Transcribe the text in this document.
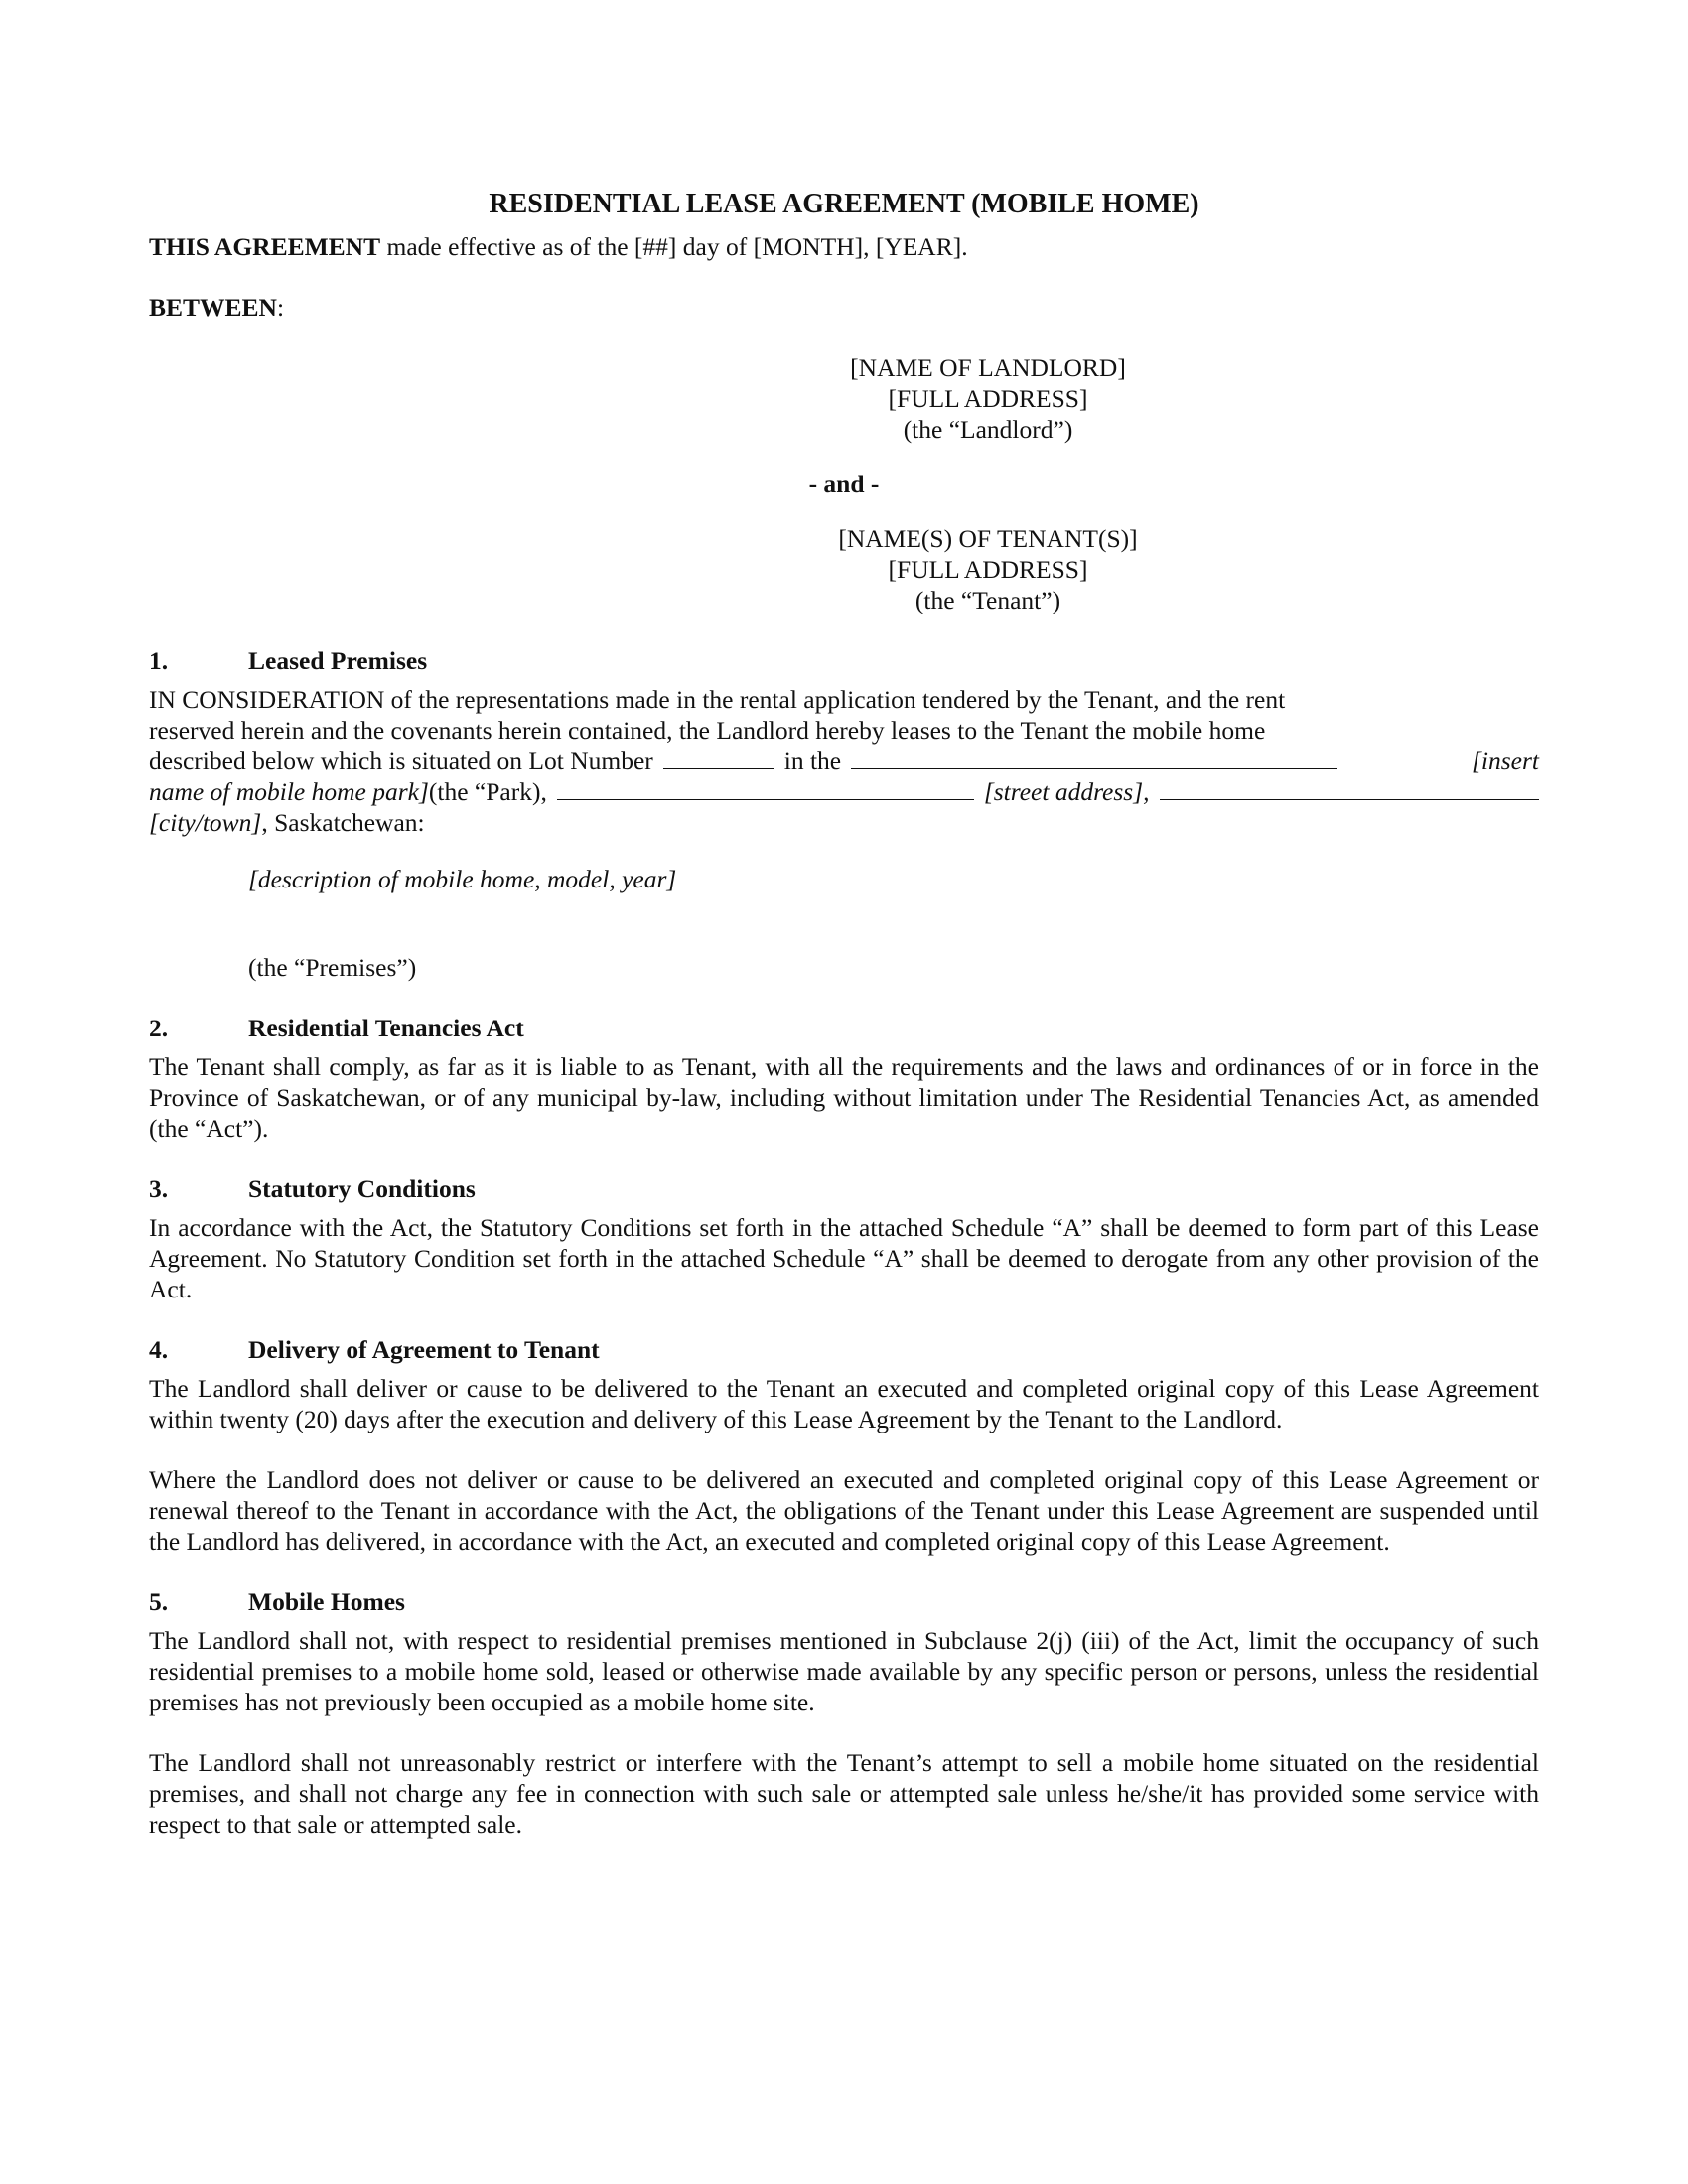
RESIDENTIAL LEASE AGREEMENT (MOBILE HOME)

THIS AGREEMENT made effective as of the [##] day of [MONTH], [YEAR].

BETWEEN:

[NAME OF LANDLORD]
[FULL ADDRESS]
(the “Landlord”)
- and -
[NAME(S) OF TENANT(S)]
[FULL ADDRESS]
(the “Tenant”)
1.	Leased Premises
IN CONSIDERATION of the representations made in the rental application tendered by the Tenant, and the rent
reserved herein and the covenants herein contained, the Landlord hereby leases to the Tenant the mobile home
described below which is situated on Lot Number	in the	[insert
name of mobile home park] (the “Park),	[street address],
[city/town], Saskatchewan:

[description of mobile home, model, year]

(the “Premises”)

2.	Residential Tenancies Act

The Tenant shall comply, as far as it is liable to as Tenant, with all the requirements and the laws and ordinances of or in force in the Province of Saskatchewan, or of any municipal by-law, including without limitation under The Residential Tenancies Act, as amended (the “Act”).

3.	Statutory Conditions

In accordance with the Act, the Statutory Conditions set forth in the attached Schedule “A” shall be deemed to form part of this Lease Agreement. No Statutory Condition set forth in the attached Schedule “A” shall be deemed to derogate from any other provision of the Act.

4.	Delivery of Agreement to Tenant

The Landlord shall deliver or cause to be delivered to the Tenant an executed and completed original copy of this Lease Agreement within twenty (20) days after the execution and delivery of this Lease Agreement by the Tenant to the Landlord.

Where the Landlord does not deliver or cause to be delivered an executed and completed original copy of this Lease Agreement or renewal thereof to the Tenant in accordance with the Act, the obligations of the Tenant under this Lease Agreement are suspended until the Landlord has delivered, in accordance with the Act, an executed and completed original copy of this Lease Agreement.

5.	Mobile Homes

The Landlord shall not, with respect to residential premises mentioned in Subclause 2(j) (iii) of the Act, limit the occupancy of such residential premises to a mobile home sold, leased or otherwise made available by any specific person or persons, unless the residential premises has not previously been occupied as a mobile home site.

The Landlord shall not unreasonably restrict or interfere with the Tenant’s attempt to sell a mobile home situated on the residential premises, and shall not charge any fee in connection with such sale or attempted sale unless he/she/it has provided some service with respect to that sale or attempted sale.
